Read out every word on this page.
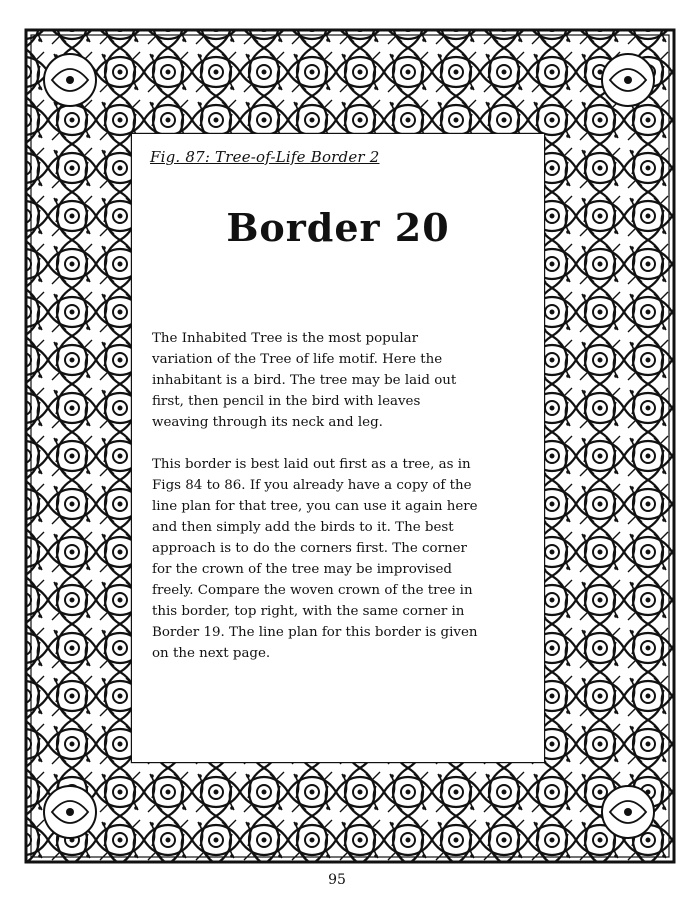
Fig. 87: Tree-of-Life Border 2
Border 20

The Inhabited Tree is the most popular
variation of the Tree of life motif. Here the
inhabitant is a bird. The tree may be laid out
first, then pencil in the bird with leaves
weaving through its neck and leg.

This border is best laid out first as a tree, as in
Figs 84 to 86. If you already have a copy of the
line plan for that tree, you can use it again here
and then simply add the birds to it. The best
approach is to do the corners first. The corner
for the crown of the tree may be improvised
freely. Compare the woven crown of the tree in
this border, top right, with the same corner in
Border 19. The line plan for this border is given
on the next page.

95
